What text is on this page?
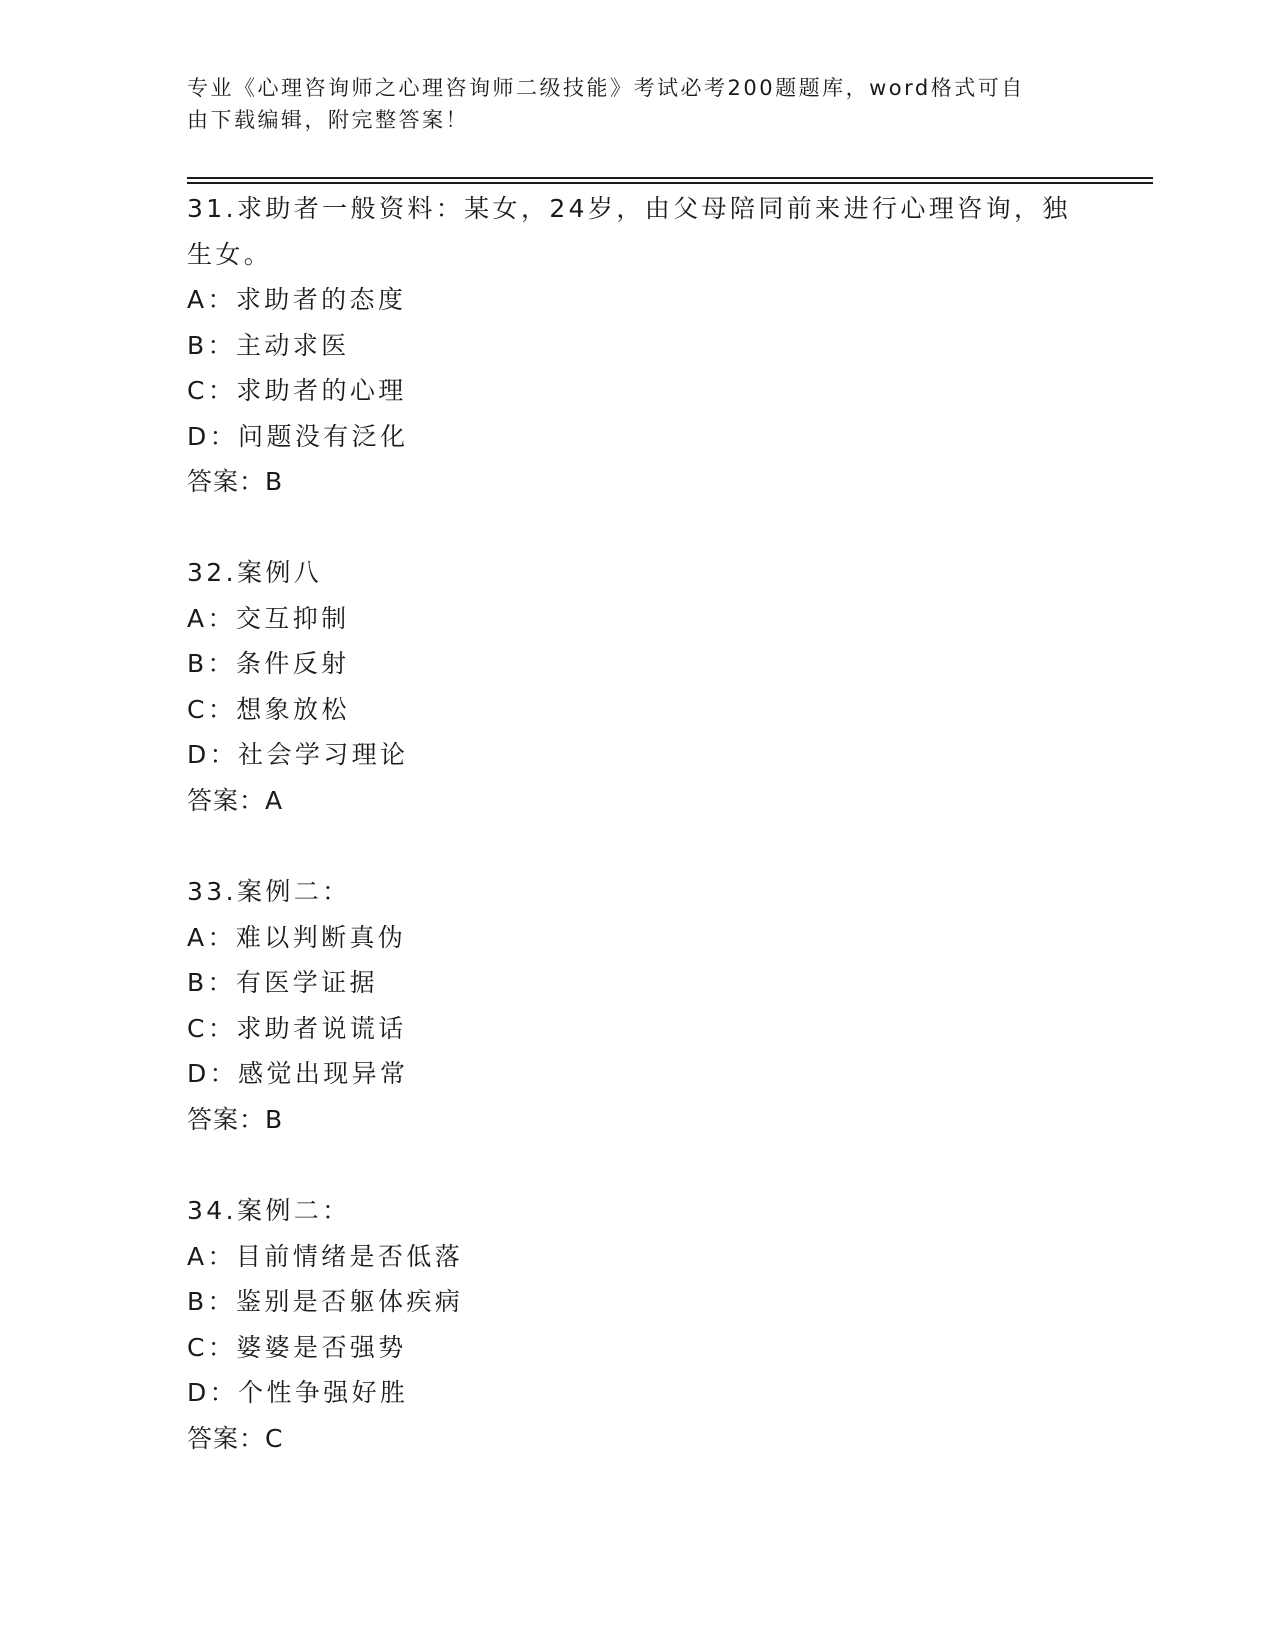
专业《心理咨询师之心理咨询师二级技能》考试必考200题题库，word格式可自
由下载编辑，附完整答案！
31.求助者一般资料：某女，24岁，由父母陪同前来进行心理咨询，独
生女。
A：求助者的态度
B：主动求医
C：求助者的心理
D：问题没有泛化
答案：B
32.案例八
A：交互抑制
B：条件反射
C：想象放松
D：社会学习理论
答案：A
33.案例二：
A：难以判断真伪
B：有医学证据
C：求助者说谎话
D：感觉出现异常
答案：B
34.案例二：
A：目前情绪是否低落
B：鉴别是否躯体疾病
C：婆婆是否强势
D：个性争强好胜
答案：C
